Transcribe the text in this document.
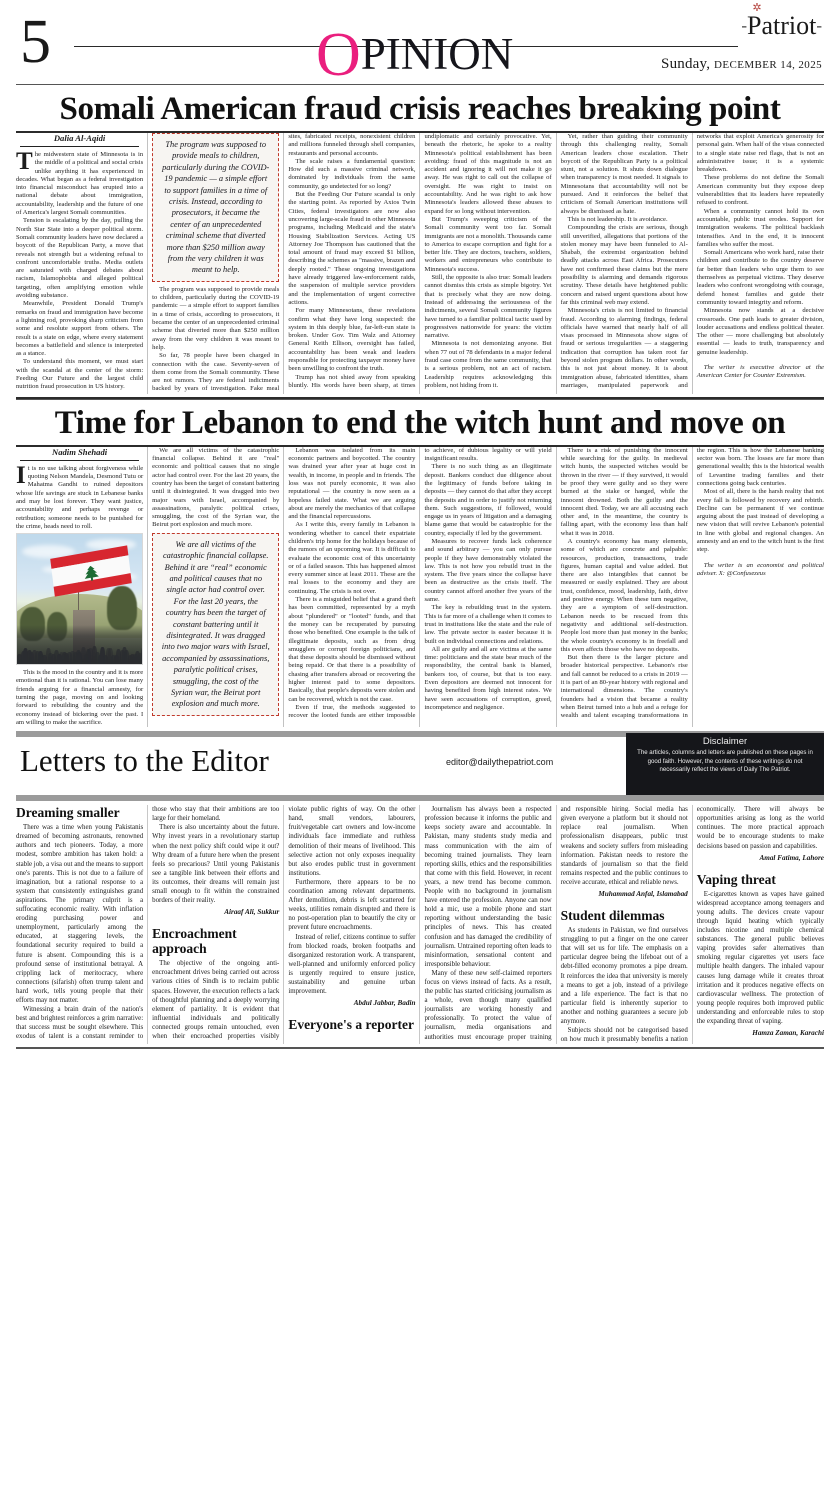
5	OPINION
✲
-Patriot-
Sunday, DECEMBER 14, 2025
Somali American fraud crisis reaches breaking point
Dalia Al-Aqidi

The midwestern state of Minnesota is in the middle of a political and social crisis unlike anything it has experienced in decades. What began as a federal investigation into financial misconduct has erupted into a national debate about immigration, accountability, leadership and the future of one of America's largest Somali communities.

Tension is escalating by the day, pulling the North Star State into a deeper political storm. Somali community leaders have now declared a boycott of the Republican Party, a move that reveals not strength but a widening refusal to confront uncomfortable truths. Media outlets are saturated with charged debates about racism, Islamophobia and alleged political targeting, often amplifying emotion while avoiding substance.

Meanwhile, President Donald Trump's remarks on fraud and immigration have become a lightning rod, provoking sharp criticism from some and resolute support from others. The result is a state on edge, where every statement becomes a battlefield and silence is interpreted as a stance.

To understand this moment, we must start with the scandal at the center of the storm: Feeding Our Future and the largest child nutrition fraud prosecution in US history.

The program was supposed to provide meals to children, particularly during the COVID-19 pandemic — a simple effort to support families in a time of crisis. Instead, according to prosecutors, it became the center of an unprecedented criminal scheme that diverted more than $250 million away from the very children it was meant to help.

The program was supposed to provide meals to children, particularly during the COVID-19 pandemic — a simple effort to support families in a time of crisis, according to prosecutors, it became the center of an unprecedented criminal scheme that diverted more than $250 million away from the very children it was meant to help.

So far, 78 people have been charged in connection with the case. Seventy-seven of them come from the Somali community. These are not rumors. They are federal indictments backed by years of investigation. Fake meal sites, fabricated receipts, nonexistent children and millions funneled through shell companies, restaurants and personal accounts.

The scale raises a fundamental question: How did such a massive criminal network, dominated by individuals from the same community, go undetected for so long?

But the Feeding Our Future scandal is only the starting point. As reported by Axios Twin Cities, federal investigators are now also uncovering large-scale fraud in other Minnesota programs, including Medicaid and the state's Housing Stabilization Services. Acting US Attorney Joe Thompson has cautioned that the total amount of fraud may exceed $1 billion, describing the schemes as "massive, brazen and deeply rooted." These ongoing investigations have already triggered law-enforcement raids, the suspension of multiple service providers and the implementation of urgent corrective actions.

For many Minnesotans, these revelations confirm what they have long suspected: the system in this deeply blue, far-left-run state is broken. Under Gov. Tim Walz and Attorney General Keith Ellison, oversight has failed, accountability has been weak and leaders responsible for protecting taxpayer money have been unwilling to confront the truth.

Trump has not shied away from speaking bluntly. His words have been sharp, at times undiplomatic and certainly provocative. Yet, beneath the rhetoric, he spoke to a reality Minnesota's political establishment has been avoiding: fraud of this magnitude is not an accident and ignoring it will not make it go away. He was right to call out the collapse of oversight. He was right to insist on accountability. And he was right to ask how Minnesota's leaders allowed these abuses to expand for so long without intervention.

But Trump's sweeping criticism of the Somali community went too far. Somali immigrants are not a monolith. Thousands came to America to escape corruption and fight for a better life. They are doctors, teachers, soldiers, workers and entrepreneurs who contribute to Minnesota's success.

Still, the opposite is also true: Somali leaders cannot dismiss this crisis as simple bigotry. Yet that is precisely what they are now doing. Instead of addressing the seriousness of the indictments, several Somali community figures have turned to a familiar political tactic used by progressives nationwide for years: the victim narrative.

Minnesota is not demonizing anyone. But when 77 out of 78 defendants in a major federal fraud case come from the same community, that is a serious problem, not an act of racism. Leadership requires acknowledging this problem, not hiding from it.

Yet, rather than guiding their community through this challenging reality, Somali American leaders chose escalation. Their boycott of the Republican Party is a political stunt, not a solution. It shuts down dialogue when transparency is most needed. It signals to Minnesotans that accountability will not be pursued. And it reinforces the belief that criticism of Somali American institutions will always be dismissed as hate.

This is not leadership. It is avoidance.

Compounding the crisis are serious, though still unverified, allegations that portions of the stolen money may have been funneled to Al-Shabab, the extremist organization behind deadly attacks across East Africa. Prosecutors have not confirmed these claims but the mere possibility is alarming and demands rigorous scrutiny. These details have heightened public concern and raised urgent questions about how far this criminal web may extend.

Minnesota's crisis is not limited to financial fraud. According to alarming findings, federal officials have warned that nearly half of all visas processed in Minnesota show signs of fraud or serious irregularities — a staggering indication that corruption has taken root far beyond stolen program dollars. In other words, this is not just about money. It is about immigration abuse, fabricated identities, sham marriages, manipulated paperwork and networks that exploit America's generosity for personal gain. When half of the visas connected to a single state raise red flags, that is not an administrative issue; it is a systemic breakdown.

These problems do not define the Somali American community but they expose deep vulnerabilities that its leaders have repeatedly refused to confront.

When a community cannot hold its own accountable, public trust erodes. Support for immigration weakens. The political backlash intensifies. And in the end, it is innocent families who suffer the most.

Somali Americans who work hard, raise their children and contribute to the country deserve far better than leaders who urge them to see themselves as perpetual victims. They deserve leaders who confront wrongdoing with courage, defend honest families and guide their community toward integrity and reform.

Minnesota now stands at a decisive crossroads. One path leads to greater division, louder accusations and endless political theater. The other — more challenging but absolutely essential — leads to truth, transparency and genuine leadership.

The writer is executive director at the American Center for Counter Extremism.
Time for Lebanon to end the witch hunt and move on
Nadim Shehadi

It is no use talking about forgiveness while quoting Nelson Mandela, Desmond Tutu or Mahatma Gandhi to ruined depositors whose life savings are stuck in Lebanese banks and may be lost forever. They want justice, accountability and perhaps revenge or retribution; someone needs to be punished for the crime, heads need to roll.

This is the mood in the country and it is more emotional than it is rational. You can lose many friends arguing for a financial amnesty, for turning the page, moving on and looking forward to rebuilding the country and the economy instead of bickering over the past. I am willing to make the sacrifice.

We are all victims of the catastrophic financial collapse. Behind it are "real" economic and political causes that no single actor had control over. For the last 20 years, the country has been the target of constant battering until it disintegrated. It was dragged into two major wars with Israel, accompanied by assassinations, paralytic political crises, smuggling, the cost of the Syrian war, the Beirut port explosion and much more.

We are all victims of the catastrophic financial collapse. Behind it are “real” economic and political causes that no single actor had control over. For the last 20 years, the country has been the target of constant battering until it disintegrated. It was dragged into two major wars with Israel, accompanied by assassinations, paralytic political crises, smuggling, the cost of the Syrian war, the Beirut port explosion and much more.

Lebanon was isolated from its main economic partners and boycotted. The country was drained year after year at huge cost in wealth, in income, in people and in friends. The loss was not purely economic, it was also reputational — the country is now seen as a hopeless failed state. What we are arguing about are merely the mechanics of that collapse and the financial repercussions.

As I write this, every family in Lebanon is wondering whether to cancel their expatriate children's trip home for the holidays because of the rumors of an upcoming war. It is difficult to evaluate the economic cost of this uncertainty or of a failed season. This has happened almost every summer since at least 2011. These are the real losses to the economy and they are continuing. The crisis is not over.

There is a misguided belief that a grand theft has been committed, represented by a myth about "plundered" or "looted" funds, and that the money can be recuperated by pursuing those who benefited. One example is the talk of illegitimate deposits, such as from drug smugglers or corrupt foreign politicians, and that these deposits should be dismissed without being repaid. Or that there is a possibility of chasing after transfers abroad or recovering the higher interest paid to some depositors. Basically, that people's deposits were stolen and can be recovered, which is not the case.

Even if true, the methods suggested to recover the looted funds are either impossible to achieve, of dubious legality or will yield insignificant results.

There is no such thing as an illegitimate deposit. Bankers conduct due diligence about the legitimacy of funds before taking in deposits — they cannot do that after they accept the deposits and in order to justify not returning them. Such suggestions, if followed, would engage us in years of litigation and a damaging blame game that would be catastrophic for the country, especially if led by the government.

Measures to recover funds lack coherence and sound arbitrary — you can only pursue people if they have demonstrably violated the law. This is not how you rebuild trust in the system. The five years since the collapse have been as destructive as the crisis itself. The country cannot afford another five years of the same.

The key is rebuilding trust in the system. This is far more of a challenge when it comes to trust in institutions like the state and the rule of law. The private sector is easier because it is built on individual connections and relations.

All are guilty and all are victims at the same time: politicians and the state bear much of the responsibility, the central bank is blamed, bankers too, of course, but that is too easy. Even depositors are deemed not innocent for having benefited from high interest rates. We have seen accusations of corruption, greed, incompetence and negligence.

There is a risk of punishing the innocent while searching for the guilty. In medieval witch hunts, the suspected witches would be thrown in the river — if they survived, it would be proof they were guilty and so they were burned at the stake or hanged, while the innocent drowned. Both the guilty and the innocent died. Today, we are all accusing each other and, in the meantime, the country is falling apart, with the economy less than half what it was in 2018.

A country's economy has many elements, some of which are concrete and palpable: resources, production, transactions, trade figures, human capital and value added. But there are also intangibles that cannot be measured or easily explained. They are about trust, confidence, mood, leadership, faith, drive and positive energy. When these turn negative, they are a symptom of self-destruction. Lebanon needs to be rescued from this negativity and additional self-destruction. People lost more than just money in the banks; the whole country's economy is in freefall and this even affects those who have no deposits.

But then there is the larger picture and broader historical perspective. Lebanon's rise and fall cannot be reduced to a crisis in 2019 — it is part of an 80-year history with regional and international dimensions. The country's founders had a vision that became a reality when Beirut turned into a hub and a refuge for wealth and talent escaping transformations in the region. This is how the Lebanese banking sector was born. The losses are far more than generational wealth; this is the historical wealth of Levantine trading families and their connections going back centuries.

Most of all, there is the harsh reality that not every fall is followed by recovery and rebirth. Decline can be permanent if we continue arguing about the past instead of developing a new vision that will revive Lebanon's potential in line with global and regional changes. An amnesty and an end to the witch hunt is the first step.

The writer is an economist and political adviser. X: @Confusezeus
Letters to the Editor	editor@dailythepatriot.com
Disclaimer

The articles, columns and letters are published on these pages in good faith. However, the contents of these writings do not necessarily reflect the views of Daily The Patriot.

Dreaming smaller

There was a time when young Pakistanis dreamed of becoming astronauts, renowned authors and tech pioneers. Today, a more modest, sombre ambition has taken hold: a stable job, a visa out and the means to support one's parents. This is not due to a failure of imagination, but a rational response to a system that consistently extinguishes grand aspirations. The primary culprit is a suffocating economic reality. With inflation eroding purchasing power and unemployment, particularly among the educated, at staggering levels, the foundational security required to build a future is absent. Compounding this is a profound sense of institutional betrayal. A crippling lack of meritocracy, where connections (sifarish) often trump talent and hard work, tells young people that their efforts may not matter.

Witnessing a brain drain of the nation's best and brightest reinforces a grim narrative: that success must be sought elsewhere. This exodus of talent is a constant reminder to those who stay that their ambitions are too large for their homeland.

There is also uncertainty about the future. Why invest years in a revolutionary startup when the next policy shift could wipe it out? Why dream of a future here when the present feels so precarious? Until young Pakistanis see a tangible link between their efforts and its outcomes, their dreams will remain just small enough to fit within the constrained borders of their reality.

Airaaf Ali, Sukkur
Encroachment approach

The objective of the ongoing anti-encroachment drives being carried out across various cities of Sindh is to reclaim public spaces. However, the execution reflects a lack of thoughtful planning and a deeply worrying element of partiality. It is evident that influential individuals and politically connected groups remain untouched, even when their encroached properties visibly violate public rights of way. On the other hand, small vendors, labourers, fruit/vegetable cart owners and low-income individuals face immediate and ruthless demolition of their means of livelihood. This selective action not only exposes inequality but also erodes public trust in government institutions.

Furthermore, there appears to be no coordination among relevant departments. After demolition, debris is left scattered for weeks, utilities remain disrupted and there is no post-operation plan to beautify the city or prevent future encroachments.

Instead of relief, citizens continue to suffer from blocked roads, broken footpaths and disorganized restoration work. A transparent, well-planned and uniformly enforced policy is urgently required to ensure justice, sustainability and genuine urban improvement.

Abdul Jabbar, Badin
Everyone's a reporter

Journalism has always been a respected profession because it informs the public and keeps society aware and accountable. In Pakistan, many students study media and mass communication with the aim of becoming trained journalists. They learn reporting skills, ethics and the responsibilities that come with this field. However, in recent years, a new trend has become common. People with no background in journalism have entered the profession. Anyone can now hold a mic, use a mobile phone and start reporting without understanding the basic principles of news. This has created confusion and has damaged the credibility of journalism. Untrained reporting often leads to misinformation, sensational content and irresponsible behaviour.

Many of these new self-claimed reporters focus on views instead of facts. As a result, the public has started criticising journalism as a whole, even though many qualified journalists are working honestly and professionally. To protect the value of journalism, media organisations and authorities must encourage proper training and responsible hiring. Social media has given everyone a platform but it should not replace real journalism. When professionalism disappears, public trust weakens and society suffers from misleading information. Pakistan needs to restore the standards of journalism so that the field remains respected and the public continues to receive accurate, ethical and reliable news.

Muhammad Anfal, Islamabad
Student dilemmas

As students in Pakistan, we find ourselves struggling to put a finger on the one career that will set us for life. The emphasis on a particular degree being the lifeboat out of a debt-filled economy promotes a pipe dream. It reinforces the idea that university is merely a means to get a job, instead of a privilege and a life experience. The fact is that no particular field is inherently superior to another and nothing guarantees a secure job anymore.

Subjects should not be categorised based on how much it presumably benefits a nation economically. There will always be opportunities arising as long as the world continues. The more practical approach would be to encourage students to make decisions based on passion and capabilities.

Amal Fatima, Lahore
Vaping threat

E-cigarettes known as vapes have gained widespread acceptance among teenagers and young adults. The devices create vapour through liquid heating which typically includes nicotine and multiple chemical substances. The general public believes vaping provides safer alternatives than smoking regular cigarettes yet users face multiple health dangers. The inhaled vapour causes lung damage while it creates throat irritation and it produces negative effects on cardiovascular wellness. The protection of young people requires both improved public understanding and enforceable rules to stop the expanding threat of vaping.

Hamza Zaman, Karachi
